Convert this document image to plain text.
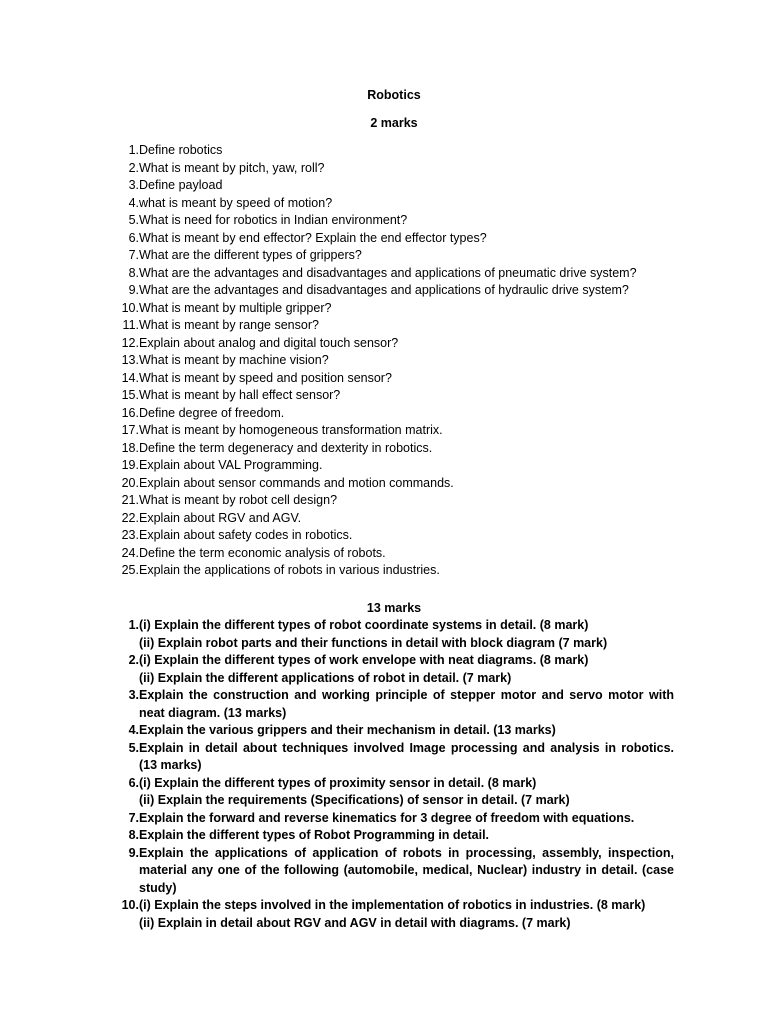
Robotics
2 marks
1. Define robotics
2. What is meant by pitch, yaw, roll?
3. Define payload
4. what is meant by speed of motion?
5. What is need for robotics in Indian environment?
6. What is meant by end effector? Explain the end effector types?
7. What are the different types of grippers?
8. What are the advantages and disadvantages and applications of pneumatic drive system?
9. What are the advantages and disadvantages and applications of hydraulic drive system?
10. What is meant by multiple gripper?
11. What is meant by range sensor?
12. Explain about analog and digital touch sensor?
13. What is meant by machine vision?
14. What is meant by speed and position sensor?
15. What is meant by hall effect sensor?
16. Define degree of freedom.
17. What is meant by homogeneous transformation matrix.
18. Define the term degeneracy and dexterity in robotics.
19. Explain about VAL Programming.
20. Explain about sensor commands and motion commands.
21. What is meant by robot cell design?
22. Explain about RGV and AGV.
23. Explain about safety codes in robotics.
24. Define the term economic analysis of robots.
25. Explain the applications of robots in various industries.
13 marks
1. (i) Explain the different types of robot coordinate systems in detail. (8 mark)
(ii) Explain robot parts and their functions in detail with block diagram (7 mark)
2. (i) Explain the different types of work envelope with neat diagrams. (8 mark)
(ii) Explain the different applications of robot in detail. (7 mark)
3. Explain the construction and working principle of stepper motor and servo motor with neat diagram. (13 marks)
4. Explain the various grippers and their mechanism in detail. (13 marks)
5. Explain in detail about techniques involved Image processing and analysis in robotics. (13 marks)
6. (i) Explain the different types of proximity sensor in detail. (8 mark)
(ii) Explain the requirements (Specifications) of sensor in detail. (7 mark)
7. Explain the forward and reverse kinematics for 3 degree of freedom with equations.
8. Explain the different types of Robot Programming in detail.
9. Explain the applications of application of robots in processing, assembly, inspection, material any one of the following (automobile, medical, Nuclear) industry in detail. (case study)
10. (i) Explain the steps involved in the implementation of robotics in industries. (8 mark)
(ii) Explain in detail about RGV and AGV in detail with diagrams. (7 mark)
